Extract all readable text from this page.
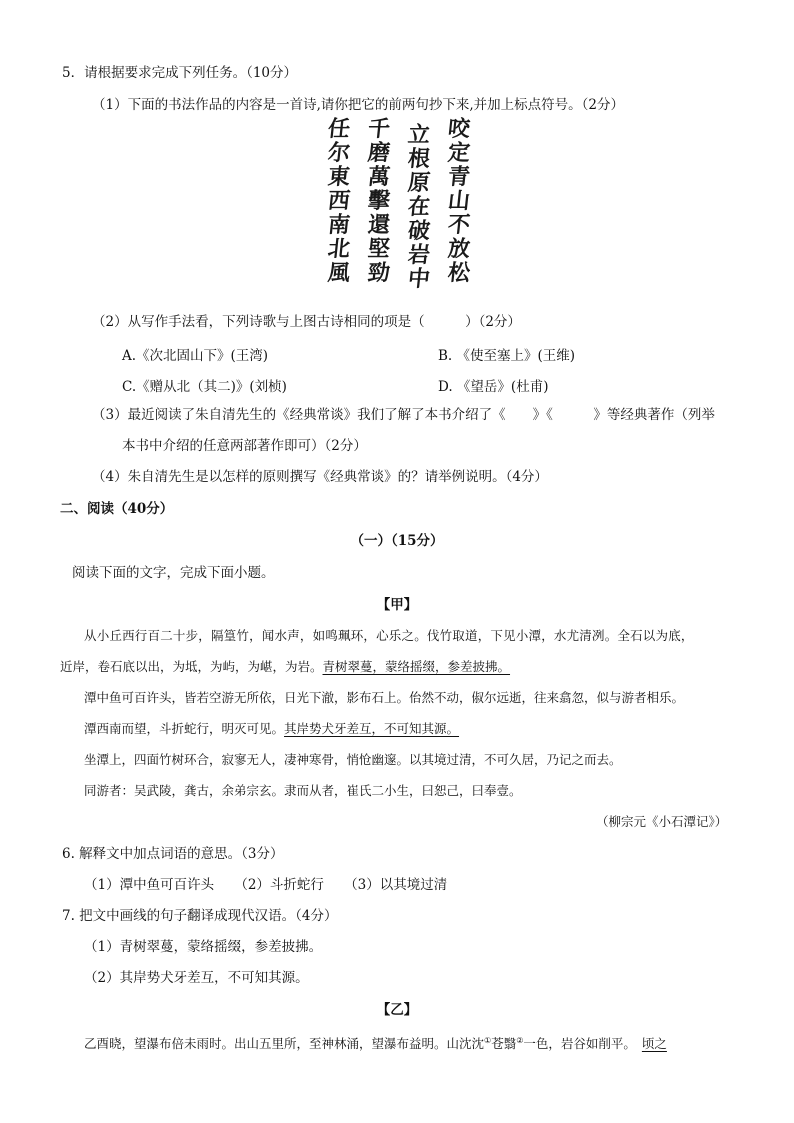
5．请根据要求完成下列任务。（10分）
（1）下面的书法作品的内容是一首诗,请你把它的前两句抄下来,并加上标点符号。（2分）
咬
定
青
山
不
放
立
根
原
在
破
岩
千
磨
萬
擊
還
堅
任
尔
東
西
南
北
（2）从写作手法看，下列诗歌与上图古诗相同的项是（　　　）（2分）
A.《次北固山下》(王湾)	B. 《使至塞上》(王维)
C.《赠从北（其二)》(刘桢)	D. 《望岳》(杜甫)
（3）最近阅读了朱自清先生的《经典常谈》我们了解了本书介绍了《　　》《　　　》等经典著作（列举
本书中介绍的任意两部著作即可）（2分）
（4）朱自清先生是以怎样的原则撰写《经典常谈》的？请举例说明。（4分）
二、阅读（40分）
（一）（15分）
阅读下面的文字，完成下面小题。
【甲】
从小丘西行百二十步，隔篁竹，闻水声，如鸣珮环，心乐之。伐竹取道，下见小潭，水尤清冽。全石以为底，
近岸，卷石底以出，为坻，为屿，为嵁，为岩。青树翠蔓，蒙络摇缀，参差披拂。
潭中鱼可百许头，皆若空游无所依，日光下澈，影布石上。佁然不动，俶尔远逝，往来翕忽，似与游者相乐。
潭西南而望，斗折蛇行，明灭可见。其岸势犬牙差互，不可知其源。
坐潭上，四面竹树环合，寂寥无人，凄神寒骨，悄怆幽邃。以其境过清，不可久居，乃记之而去。
同游者：吴武陵，龚古，余弟宗玄。隶而从者，崔氏二小生，曰恕己，曰奉壹。
（柳宗元《小石潭记》）
6. 解释文中加点词语的意思。（3分）
（1）潭中鱼可百许头　　（2）斗折蛇行　　（3）以其境过清
7. 把文中画线的句子翻译成现代汉语。（4分）
（1）青树翠蔓，蒙络摇缀，参差披拂。
（2）其岸势犬牙差互，不可知其源。
【乙】
乙酉晓，望瀑布倍未雨时。出山五里所，至神林涌，望瀑布益明。山沈沈①苍翳②一色，岩谷如削平。 顷之
松
中
勁
風
